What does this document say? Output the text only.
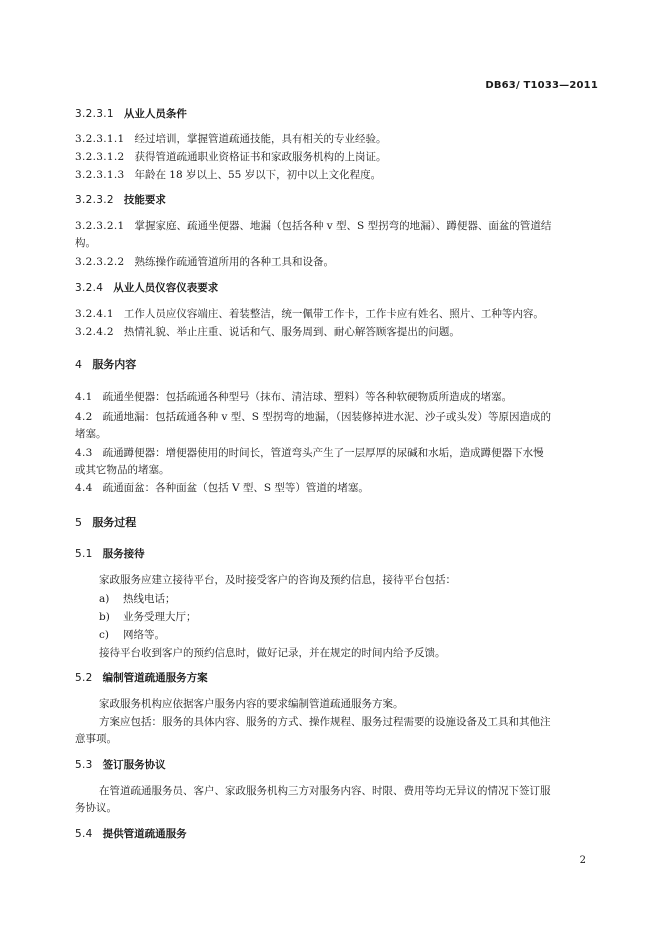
DB63/ T1033—2011
3.2.3.1 从业人员条件
3.2.3.1.1 经过培训，掌握管道疏通技能，具有相关的专业经验。
3.2.3.1.2 获得管道疏通职业资格证书和家政服务机构的上岗证。
3.2.3.1.3 年龄在 18 岁以上、55 岁以下，初中以上文化程度。
3.2.3.2 技能要求
3.2.3.2.1 掌握家庭、疏通坐便器、地漏（包括各种 v 型、S 型拐弯的地漏）、蹲便器、面盆的管道结
构。
3.2.3.2.2 熟练操作疏通管道所用的各种工具和设备。
3.2.4 从业人员仪容仪表要求
3.2.4.1 工作人员应仪容端庄、着装整洁，统一佩带工作卡，工作卡应有姓名、照片、工种等内容。
3.2.4.2 热情礼貌、举止庄重、说话和气、服务周到、耐心解答顾客提出的问题。
4 服务内容
4.1 疏通坐便器：包括疏通各种型号（抹布、清洁球、塑料）等各种软硬物质所造成的堵塞。
4.2 疏通地漏：包括疏通各种 v 型、S 型拐弯的地漏，（因装修掉进水泥、沙子或头发）等原因造成的
堵塞。
4.3 疏通蹲便器：增便器使用的时间长，管道弯头产生了一层厚厚的尿碱和水垢，造成蹲便器下水慢
或其它物品的堵塞。
4.4 疏通面盆：各种面盆（包括 V 型、S 型等）管道的堵塞。
5 服务过程
5.1 服务接待
家政服务应建立接待平台，及时接受客户的咨询及预约信息，接待平台包括：
a) 热线电话；
b) 业务受理大厅；
c) 网络等。
接待平台收到客户的预约信息时，做好记录，并在规定的时间内给予反馈。
5.2 编制管道疏通服务方案
家政服务机构应依据客户服务内容的要求编制管道疏通服务方案。
方案应包括：服务的具体内容、服务的方式、操作规程、服务过程需要的设施设备及工具和其他注
意事项。
5.3 签订服务协议
在管道疏通服务员、客户、家政服务机构三方对服务内容、时限、费用等均无异议的情况下签订服
务协议。
5.4 提供管道疏通服务
2
